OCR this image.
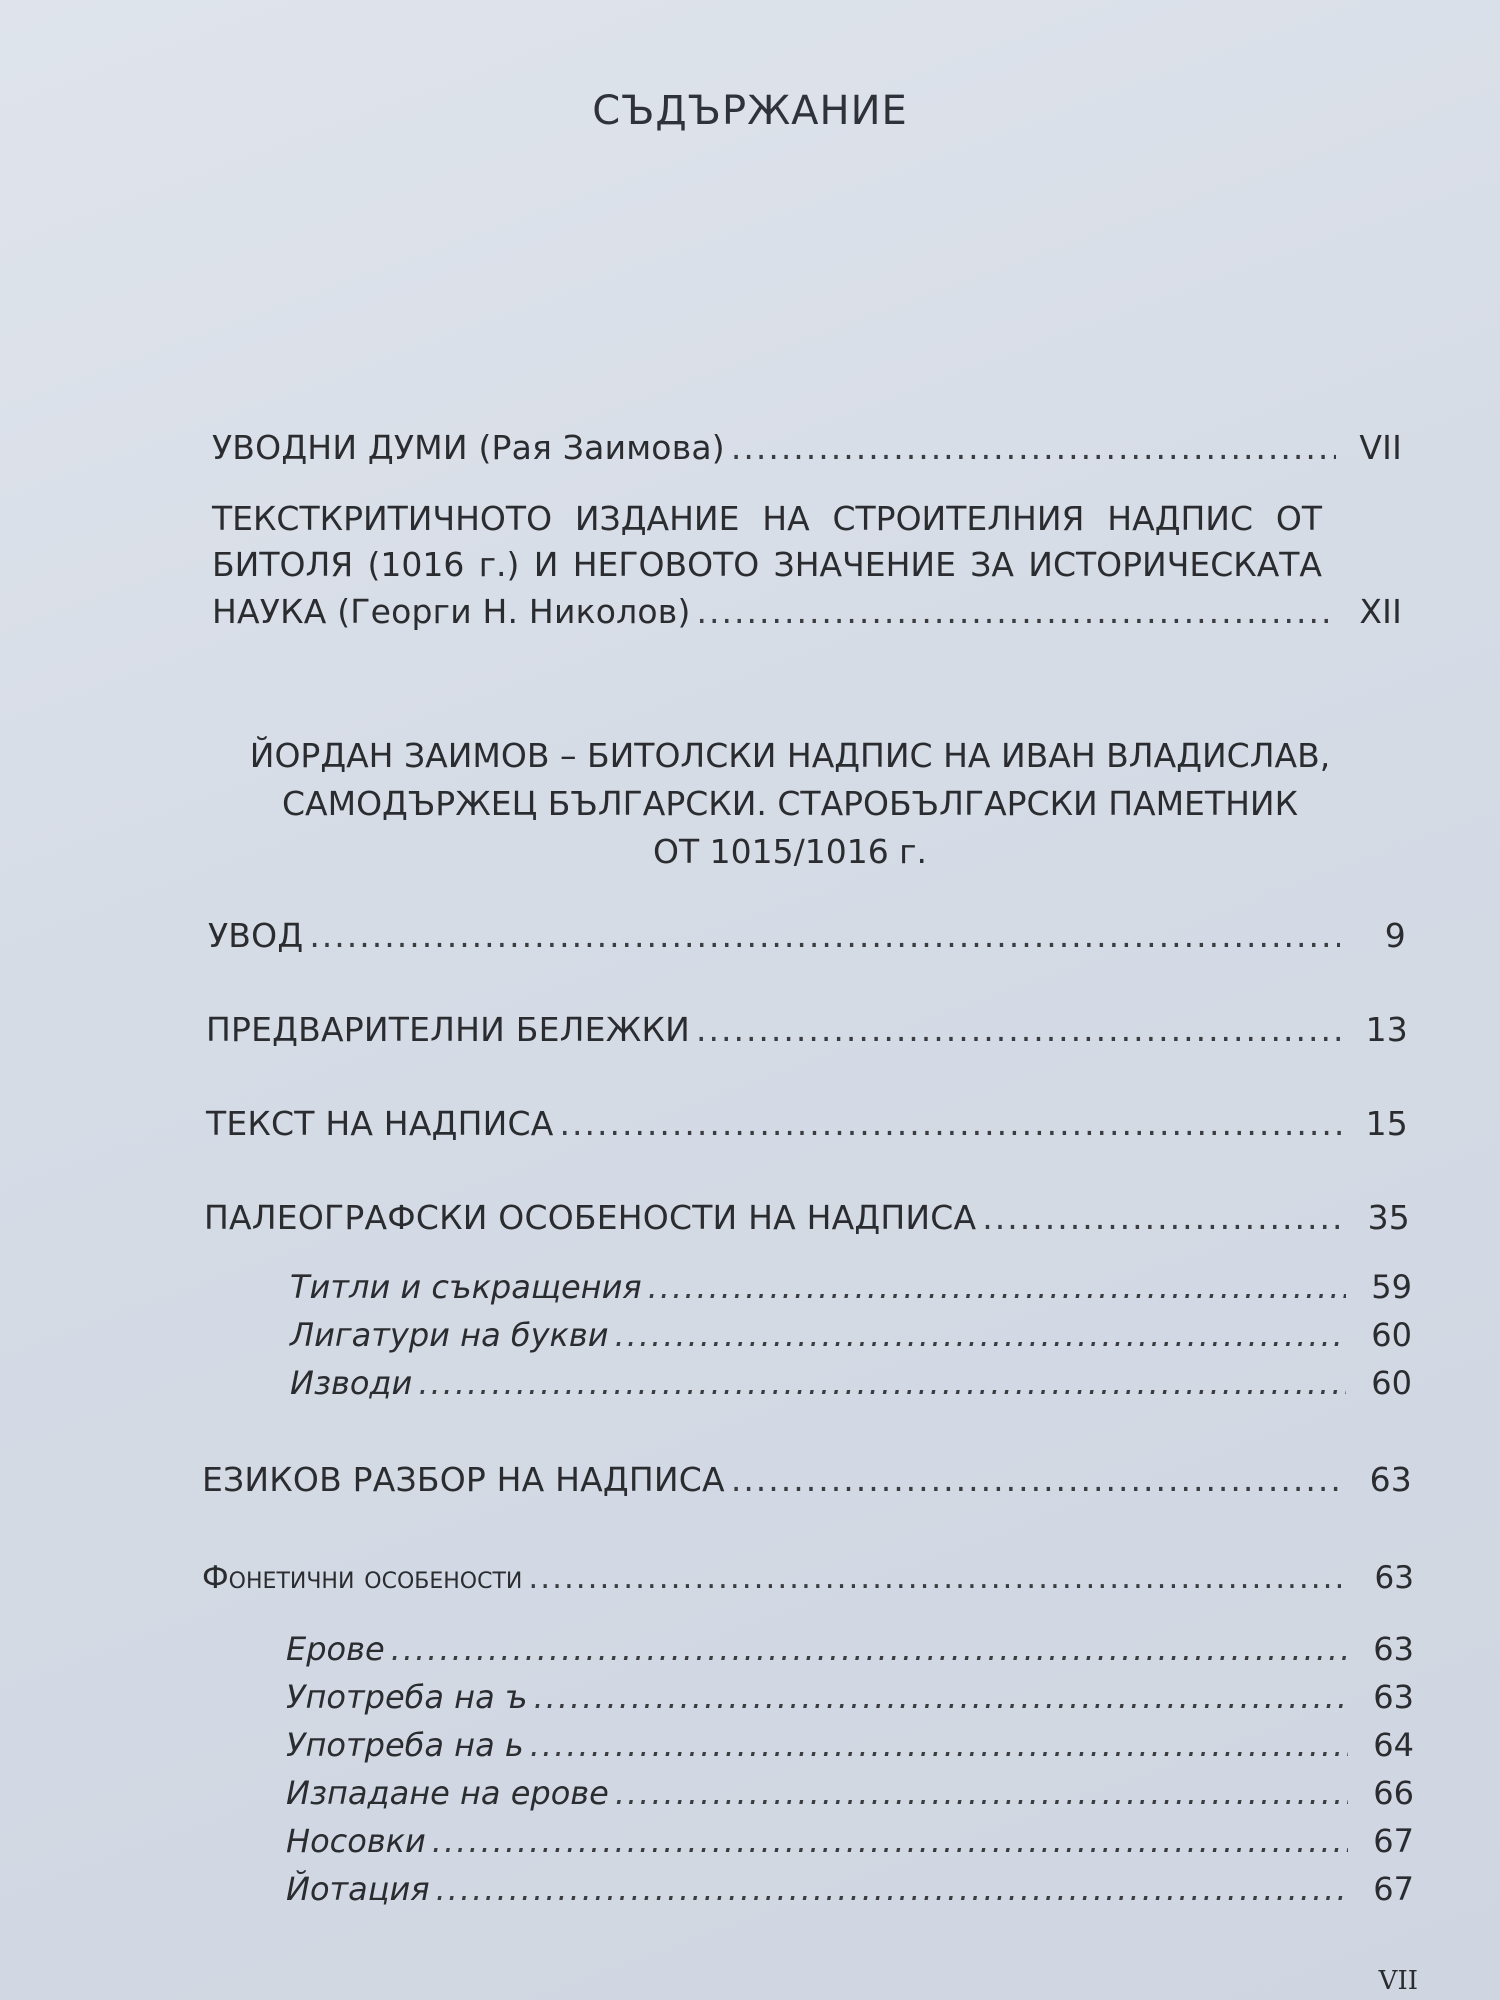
СЪДЪРЖАНИЕ
УВОДНИ ДУМИ (Рая Заимова) .....	VII
ТЕКСТКРИТИЧНОТО ИЗДАНИЕ НА СТРОИТЕЛНИЯ НАДПИС ОТ
БИТОЛЯ (1016 г.) И НЕГОВОТО ЗНАЧЕНИЕ ЗА ИСТОРИЧЕСКАТА
НАУКА (Георги Н. Николов) .....	XII
ЙОРДАН ЗАИМОВ – БИТОЛСКИ НАДПИС НА ИВАН ВЛАДИСЛАВ,
САМОДЪРЖЕЦ БЪЛГАРСКИ. СТАРОБЪЛГАРСКИ ПАМЕТНИК
ОТ 1015/1016 г.
УВОД .....	9
ПРЕДВАРИТЕЛНИ БЕЛЕЖКИ .....	13
ТЕКСТ НА НАДПИСА .....	15
ПАЛЕОГРАФСКИ ОСОБЕНОСТИ НА НАДПИСА .....	35
Титли и съкращения .....	59
Лигатури на букви .....	60
Изводи .....	60
ЕЗИКОВ РАЗБОР НА НАДПИСА .....	63
Фонетични особености .....	63
Ерове .....	63
Употреба на ъ .....	63
Употреба на ь .....	64
Изпадане на ерове .....	66
Носовки .....	67
Йотация .....	67
VII
